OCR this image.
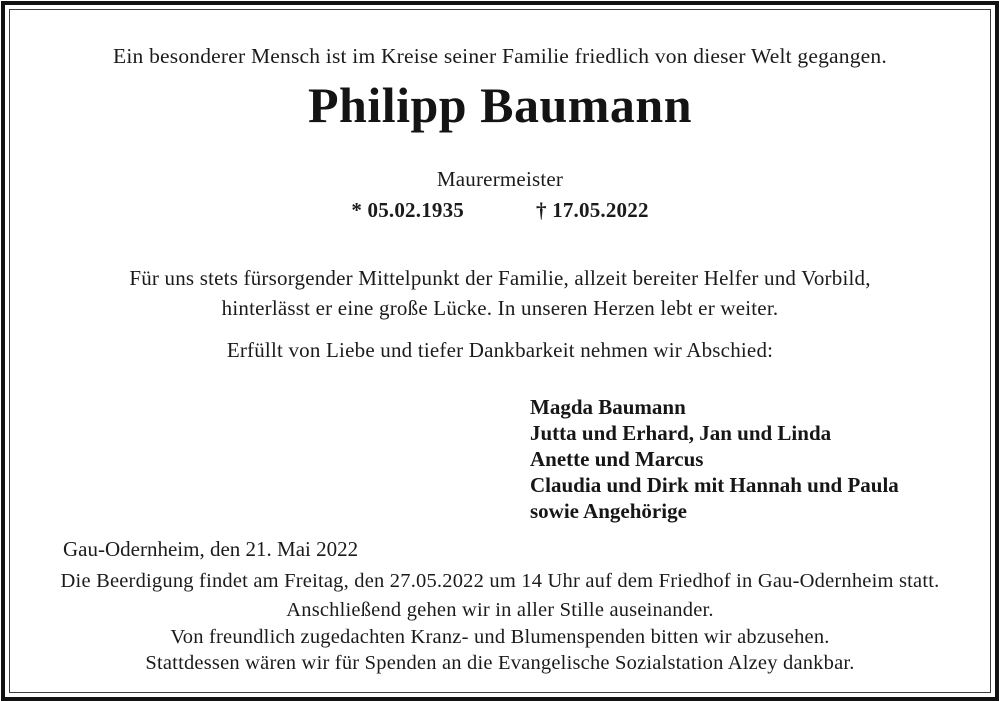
Ein besonderer Mensch ist im Kreise seiner Familie friedlich von dieser Welt gegangen.
Philipp Baumann
Maurermeister
* 05.02.1935	† 17.05.2022
Für uns stets fürsorgender Mittelpunkt der Familie, allzeit bereiter Helfer und Vorbild,
hinterlässt er eine große Lücke. In unseren Herzen lebt er weiter.
Erfüllt von Liebe und tiefer Dankbarkeit nehmen wir Abschied:
Magda Baumann
Jutta und Erhard, Jan und Linda
Anette und Marcus
Claudia und Dirk mit Hannah und Paula
sowie Angehörige
Gau-Odernheim, den 21. Mai 2022
Die Beerdigung findet am Freitag, den 27.05.2022 um 14 Uhr auf dem Friedhof in Gau-Odernheim statt.
Anschließend gehen wir in aller Stille auseinander.
Von freundlich zugedachten Kranz- und Blumenspenden bitten wir abzusehen.
Stattdessen wären wir für Spenden an die Evangelische Sozialstation Alzey dankbar.
